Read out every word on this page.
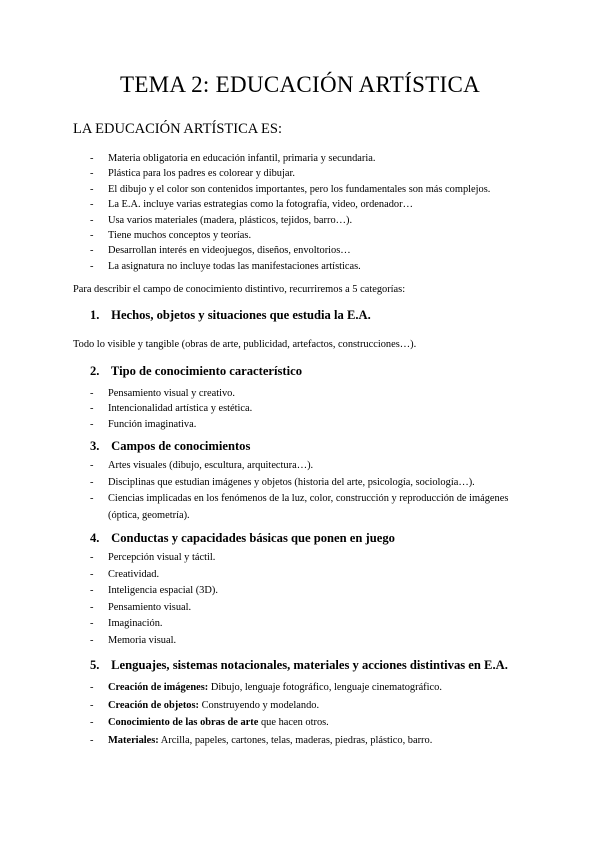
TEMA 2: EDUCACIÓN ARTÍSTICA
LA EDUCACIÓN ARTÍSTICA ES:
- Materia obligatoria en educación infantil, primaria y secundaria.
- Plástica para los padres es colorear y dibujar.
- El dibujo y el color son contenidos importantes, pero los fundamentales son más complejos.
- La E.A. incluye varias estrategias como la fotografía, video, ordenador…
- Usa varios materiales (madera, plásticos, tejidos, barro…).
- Tiene muchos conceptos y teorías.
- Desarrollan interés en videojuegos, diseños, envoltorios…
- La asignatura no incluye todas las manifestaciones artísticas.
Para describir el campo de conocimiento distintivo, recurriremos a 5 categorías:
1. Hechos, objetos y situaciones que estudia la E.A.
Todo lo visible y tangible (obras de arte, publicidad, artefactos, construcciones…).
2. Tipo de conocimiento característico
- Pensamiento visual y creativo.
- Intencionalidad artística y estética.
- Función imaginativa.
3. Campos de conocimientos
- Artes visuales (dibujo, escultura, arquitectura…).
- Disciplinas que estudian imágenes y objetos (historia del arte, psicología, sociología…).
- Ciencias implicadas en los fenómenos de la luz, color, construcción y reproducción de imágenes (óptica, geometría).
4. Conductas y capacidades básicas que ponen en juego
- Percepción visual y táctil.
- Creatividad.
- Inteligencia espacial (3D).
- Pensamiento visual.
- Imaginación.
- Memoria visual.
5. Lenguajes, sistemas notacionales, materiales y acciones distintivas en E.A.
- Creación de imágenes: Dibujo, lenguaje fotográfico, lenguaje cinematográfico.
- Creación de objetos: Construyendo y modelando.
- Conocimiento de las obras de arte que hacen otros.
- Materiales: Arcilla, papeles, cartones, telas, maderas, piedras, plástico, barro.
